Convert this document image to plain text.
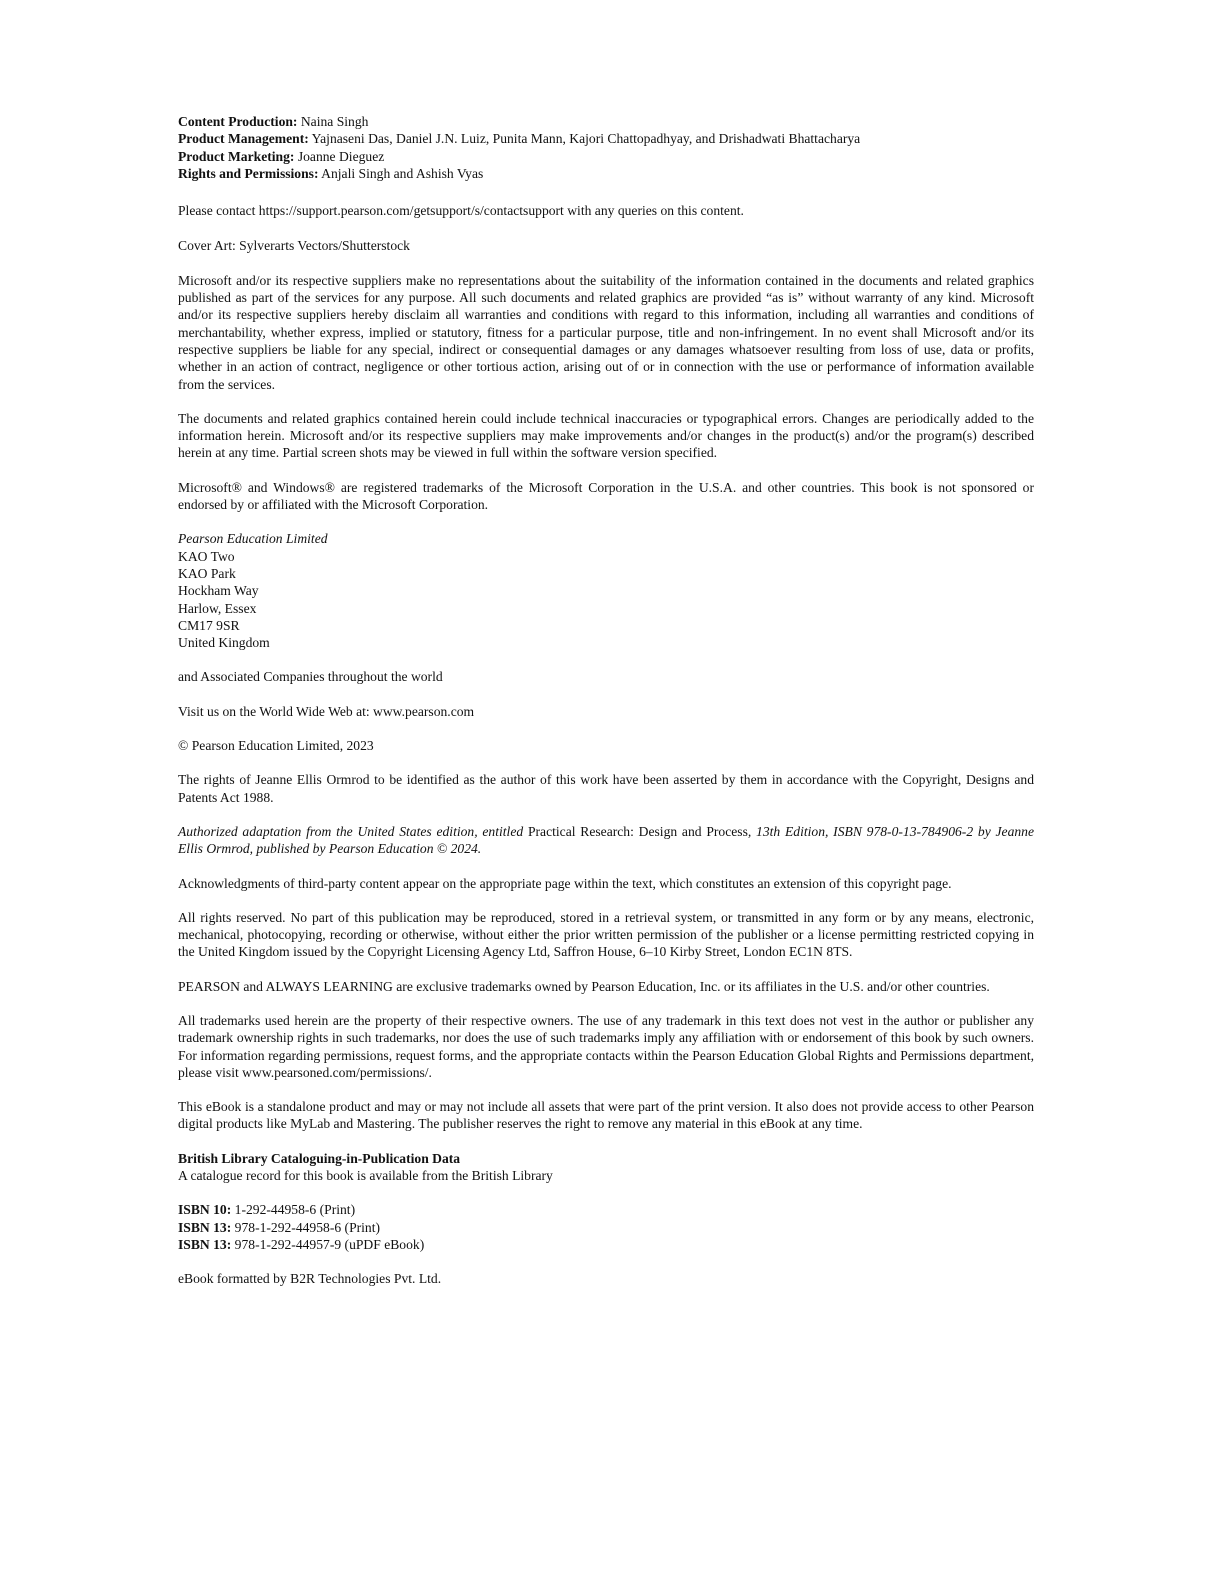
Content Production: Naina Singh

Product Management: Yajnaseni Das, Daniel J.N. Luiz, Punita Mann, Kajori Chattopadhyay, and Drishadwati Bhattacharya

Product Marketing: Joanne Dieguez

Rights and Permissions: Anjali Singh and Ashish Vyas

Please contact https://support.pearson.com/getsupport/s/contactsupport with any queries on this content.

Cover Art: Sylverarts Vectors/Shutterstock

Microsoft and/or its respective suppliers make no representations about the suitability of the information contained in the documents and related graphics published as part of the services for any purpose. All such documents and related graphics are provided “as is” without warranty of any kind. Microsoft and/or its respective suppliers hereby disclaim all warranties and conditions with regard to this information, including all warranties and conditions of merchantability, whether express, implied or statutory, fitness for a particular purpose, title and non-infringement. In no event shall Microsoft and/or its respective suppliers be liable for any special, indirect or consequential damages or any damages whatsoever resulting from loss of use, data or profits, whether in an action of contract, negligence or other tortious action, arising out of or in connection with the use or performance of information available from the services.

The documents and related graphics contained herein could include technical inaccuracies or typographical errors. Changes are periodically added to the information herein. Microsoft and/or its respective suppliers may make improvements and/or changes in the product(s) and/or the program(s) described herein at any time. Partial screen shots may be viewed in full within the software version specified.

Microsoft® and Windows® are registered trademarks of the Microsoft Corporation in the U.S.A. and other countries. This book is not sponsored or endorsed by or affiliated with the Microsoft Corporation.

Pearson Education Limited
KAO Two
KAO Park
Hockham Way
Harlow, Essex
CM17 9SR
United Kingdom

and Associated Companies throughout the world

Visit us on the World Wide Web at: www.pearson.com

© Pearson Education Limited, 2023

The rights of Jeanne Ellis Ormrod to be identified as the author of this work have been asserted by them in accordance with the Copyright, Designs and Patents Act 1988.

Authorized adaptation from the United States edition, entitled Practical Research: Design and Process, 13th Edition, ISBN 978-0-13-784906-2 by Jeanne Ellis Ormrod, published by Pearson Education © 2024.

Acknowledgments of third-party content appear on the appropriate page within the text, which constitutes an extension of this copyright page.

All rights reserved. No part of this publication may be reproduced, stored in a retrieval system, or transmitted in any form or by any means, electronic, mechanical, photocopying, recording or otherwise, without either the prior written permission of the publisher or a license permitting restricted copying in the United Kingdom issued by the Copyright Licensing Agency Ltd, Saffron House, 6–10 Kirby Street, London EC1N 8TS.

PEARSON and ALWAYS LEARNING are exclusive trademarks owned by Pearson Education, Inc. or its affiliates in the U.S. and/or other countries.

All trademarks used herein are the property of their respective owners. The use of any trademark in this text does not vest in the author or publisher any trademark ownership rights in such trademarks, nor does the use of such trademarks imply any affiliation with or endorsement of this book by such owners. For information regarding permissions, request forms, and the appropriate contacts within the Pearson Education Global Rights and Permissions department, please visit www.pearsoned.com/permissions/.

This eBook is a standalone product and may or may not include all assets that were part of the print version. It also does not provide access to other Pearson digital products like MyLab and Mastering. The publisher reserves the right to remove any material in this eBook at any time.

British Library Cataloguing-in-Publication Data

A catalogue record for this book is available from the British Library

ISBN 10: 1-292-44958-6 (Print)
ISBN 13: 978-1-292-44958-6 (Print)
ISBN 13: 978-1-292-44957-9 (uPDF eBook)

eBook formatted by B2R Technologies Pvt. Ltd.
